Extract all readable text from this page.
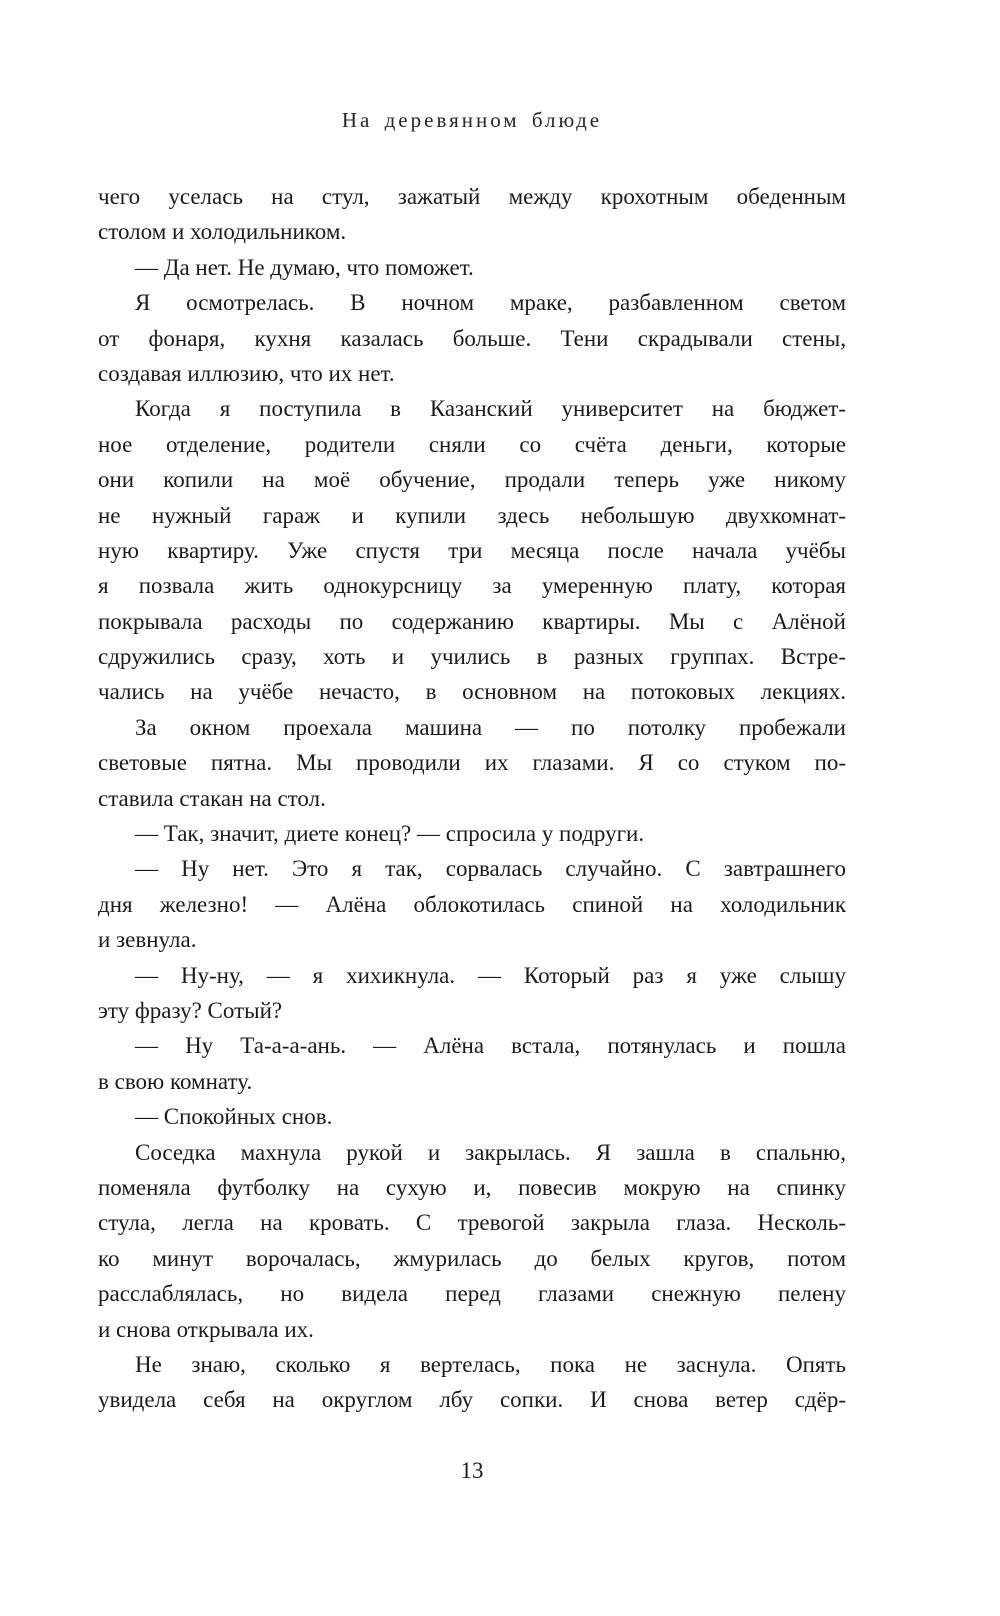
На деревянном блюде
чего уселась на стул, зажатый между крохотным обеденным
столом и холодильником.
— Да нет. Не думаю, что поможет.
Я осмотрелась. В ночном мраке, разбавленном светом
от фонаря, кухня казалась больше. Тени скрадывали стены,
создавая иллюзию, что их нет.
Когда я поступила в Казанский университет на бюджет-
ное отделение, родители сняли со счёта деньги, которые
они копили на моё обучение, продали теперь уже никому
не нужный гараж и купили здесь небольшую двухкомнат-
ную квартиру. Уже спустя три месяца после начала учёбы
я позвала жить однокурсницу за умеренную плату, которая
покрывала расходы по содержанию квартиры. Мы с Алёной
сдружились сразу, хоть и учились в разных группах. Встре-
чались на учёбе нечасто, в основном на потоковых лекциях.
За окном проехала машина — по потолку пробежали
световые пятна. Мы проводили их глазами. Я со стуком по-
ставила стакан на стол.
— Так, значит, диете конец? — спросила у подруги.
— Ну нет. Это я так, сорвалась случайно. С завтрашнего
дня железно! — Алёна облокотилась спиной на холодильник
и зевнула.
— Ну-ну, — я хихикнула. — Который раз я уже слышу
эту фразу? Сотый?
— Ну Та-а-а-ань. — Алёна встала, потянулась и пошла
в свою комнату.
— Спокойных снов.
Соседка махнула рукой и закрылась. Я зашла в спальню,
поменяла футболку на сухую и, повесив мокрую на спинку
стула, легла на кровать. С тревогой закрыла глаза. Несколь-
ко минут ворочалась, жмурилась до белых кругов, потом
расслаблялась, но видела перед глазами снежную пелену
и снова открывала их.
Не знаю, сколько я вертелась, пока не заснула. Опять
увидела себя на округлом лбу сопки. И снова ветер сдёр-
13
